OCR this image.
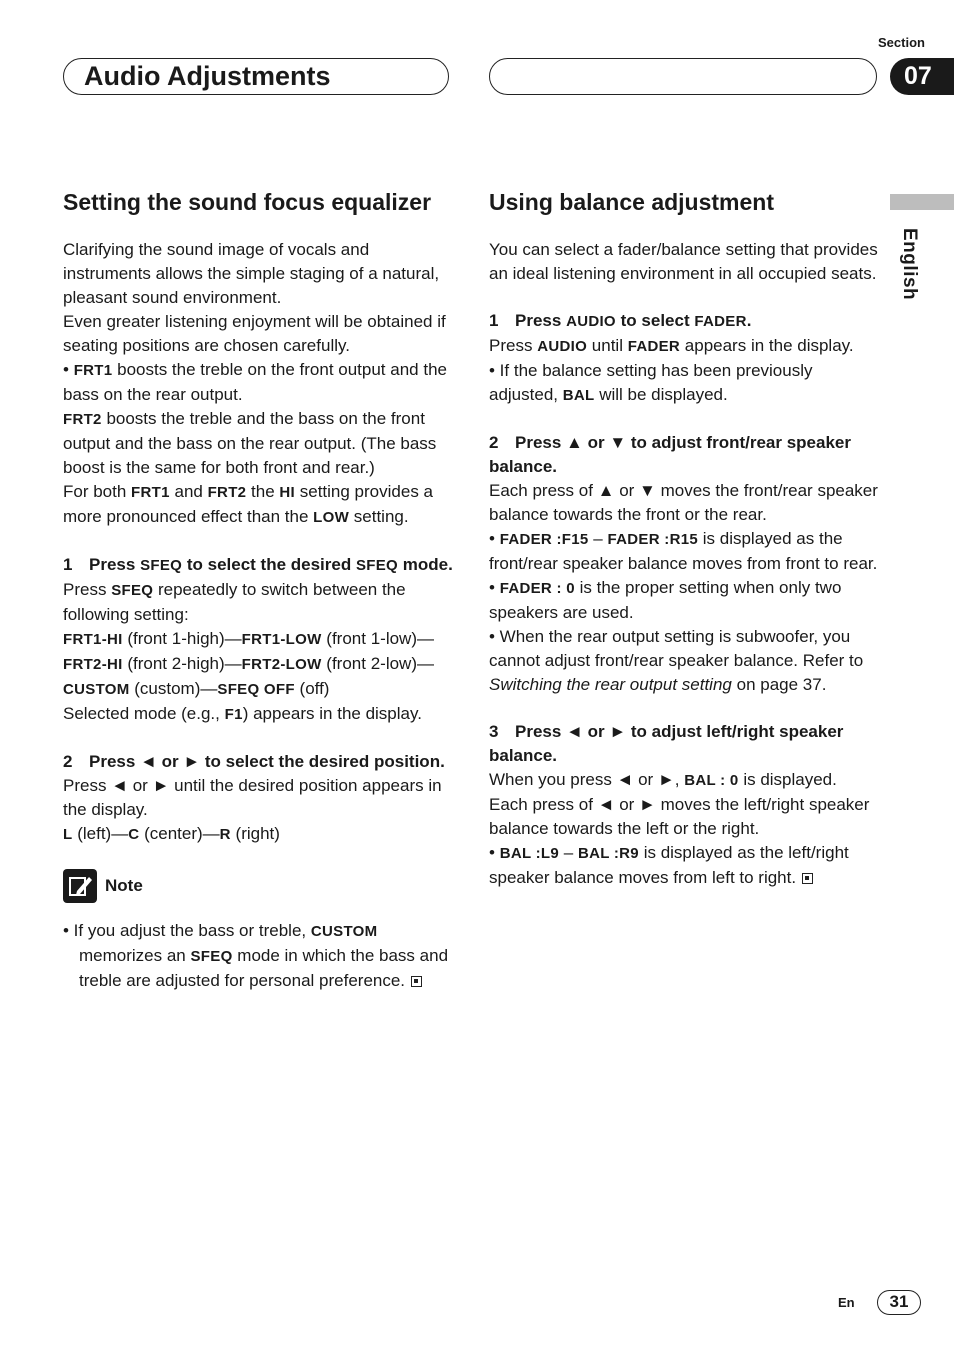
Section
Audio Adjustments	07
English
Setting the sound focus equalizer

Clarifying the sound image of vocals and instruments allows the simple staging of a natural, pleasant sound environment.

Even greater listening enjoyment will be obtained if seating positions are chosen carefully.

• FRT1 boosts the treble on the front output and the bass on the rear output.

FRT2 boosts the treble and the bass on the front output and the bass on the rear output. (The bass boost is the same for both front and rear.)

For both FRT1 and FRT2 the HI setting provides a more pronounced effect than the LOW setting.

1 Press SFEQ to select the desired SFEQ mode.

Press SFEQ repeatedly to switch between the following setting:

FRT1-HI (front 1-high)—FRT1-LOW (front 1-low)—FRT2-HI (front 2-high)—FRT2-LOW (front 2-low)—CUSTOM (custom)—SFEQ OFF (off)

Selected mode (e.g., F1) appears in the display.

2 Press ◄ or ► to select the desired position.

Press ◄ or ► until the desired position appears in the display.

L (left)—C (center)—R (right)

Note

• If you adjust the bass or treble, CUSTOM memorizes an SFEQ mode in which the bass and treble are adjusted for personal preference.

Using balance adjustment

You can select a fader/balance setting that provides an ideal listening environment in all occupied seats.

1 Press AUDIO to select FADER.

Press AUDIO until FADER appears in the display.

• If the balance setting has been previously adjusted, BAL will be displayed.

2 Press ▲ or ▼ to adjust front/rear speaker balance.

Each press of ▲ or ▼ moves the front/rear speaker balance towards the front or the rear.

• FADER :F15 – FADER :R15 is displayed as the front/rear speaker balance moves from front to rear.

• FADER : 0 is the proper setting when only two speakers are used.

• When the rear output setting is subwoofer, you cannot adjust front/rear speaker balance. Refer to Switching the rear output setting on page 37.

3 Press ◄ or ► to adjust left/right speaker balance.

When you press ◄ or ►, BAL : 0 is displayed.

Each press of ◄ or ► moves the left/right speaker balance towards the left or the right.

• BAL :L9 – BAL :R9 is displayed as the left/right speaker balance moves from left to right.

En	31
